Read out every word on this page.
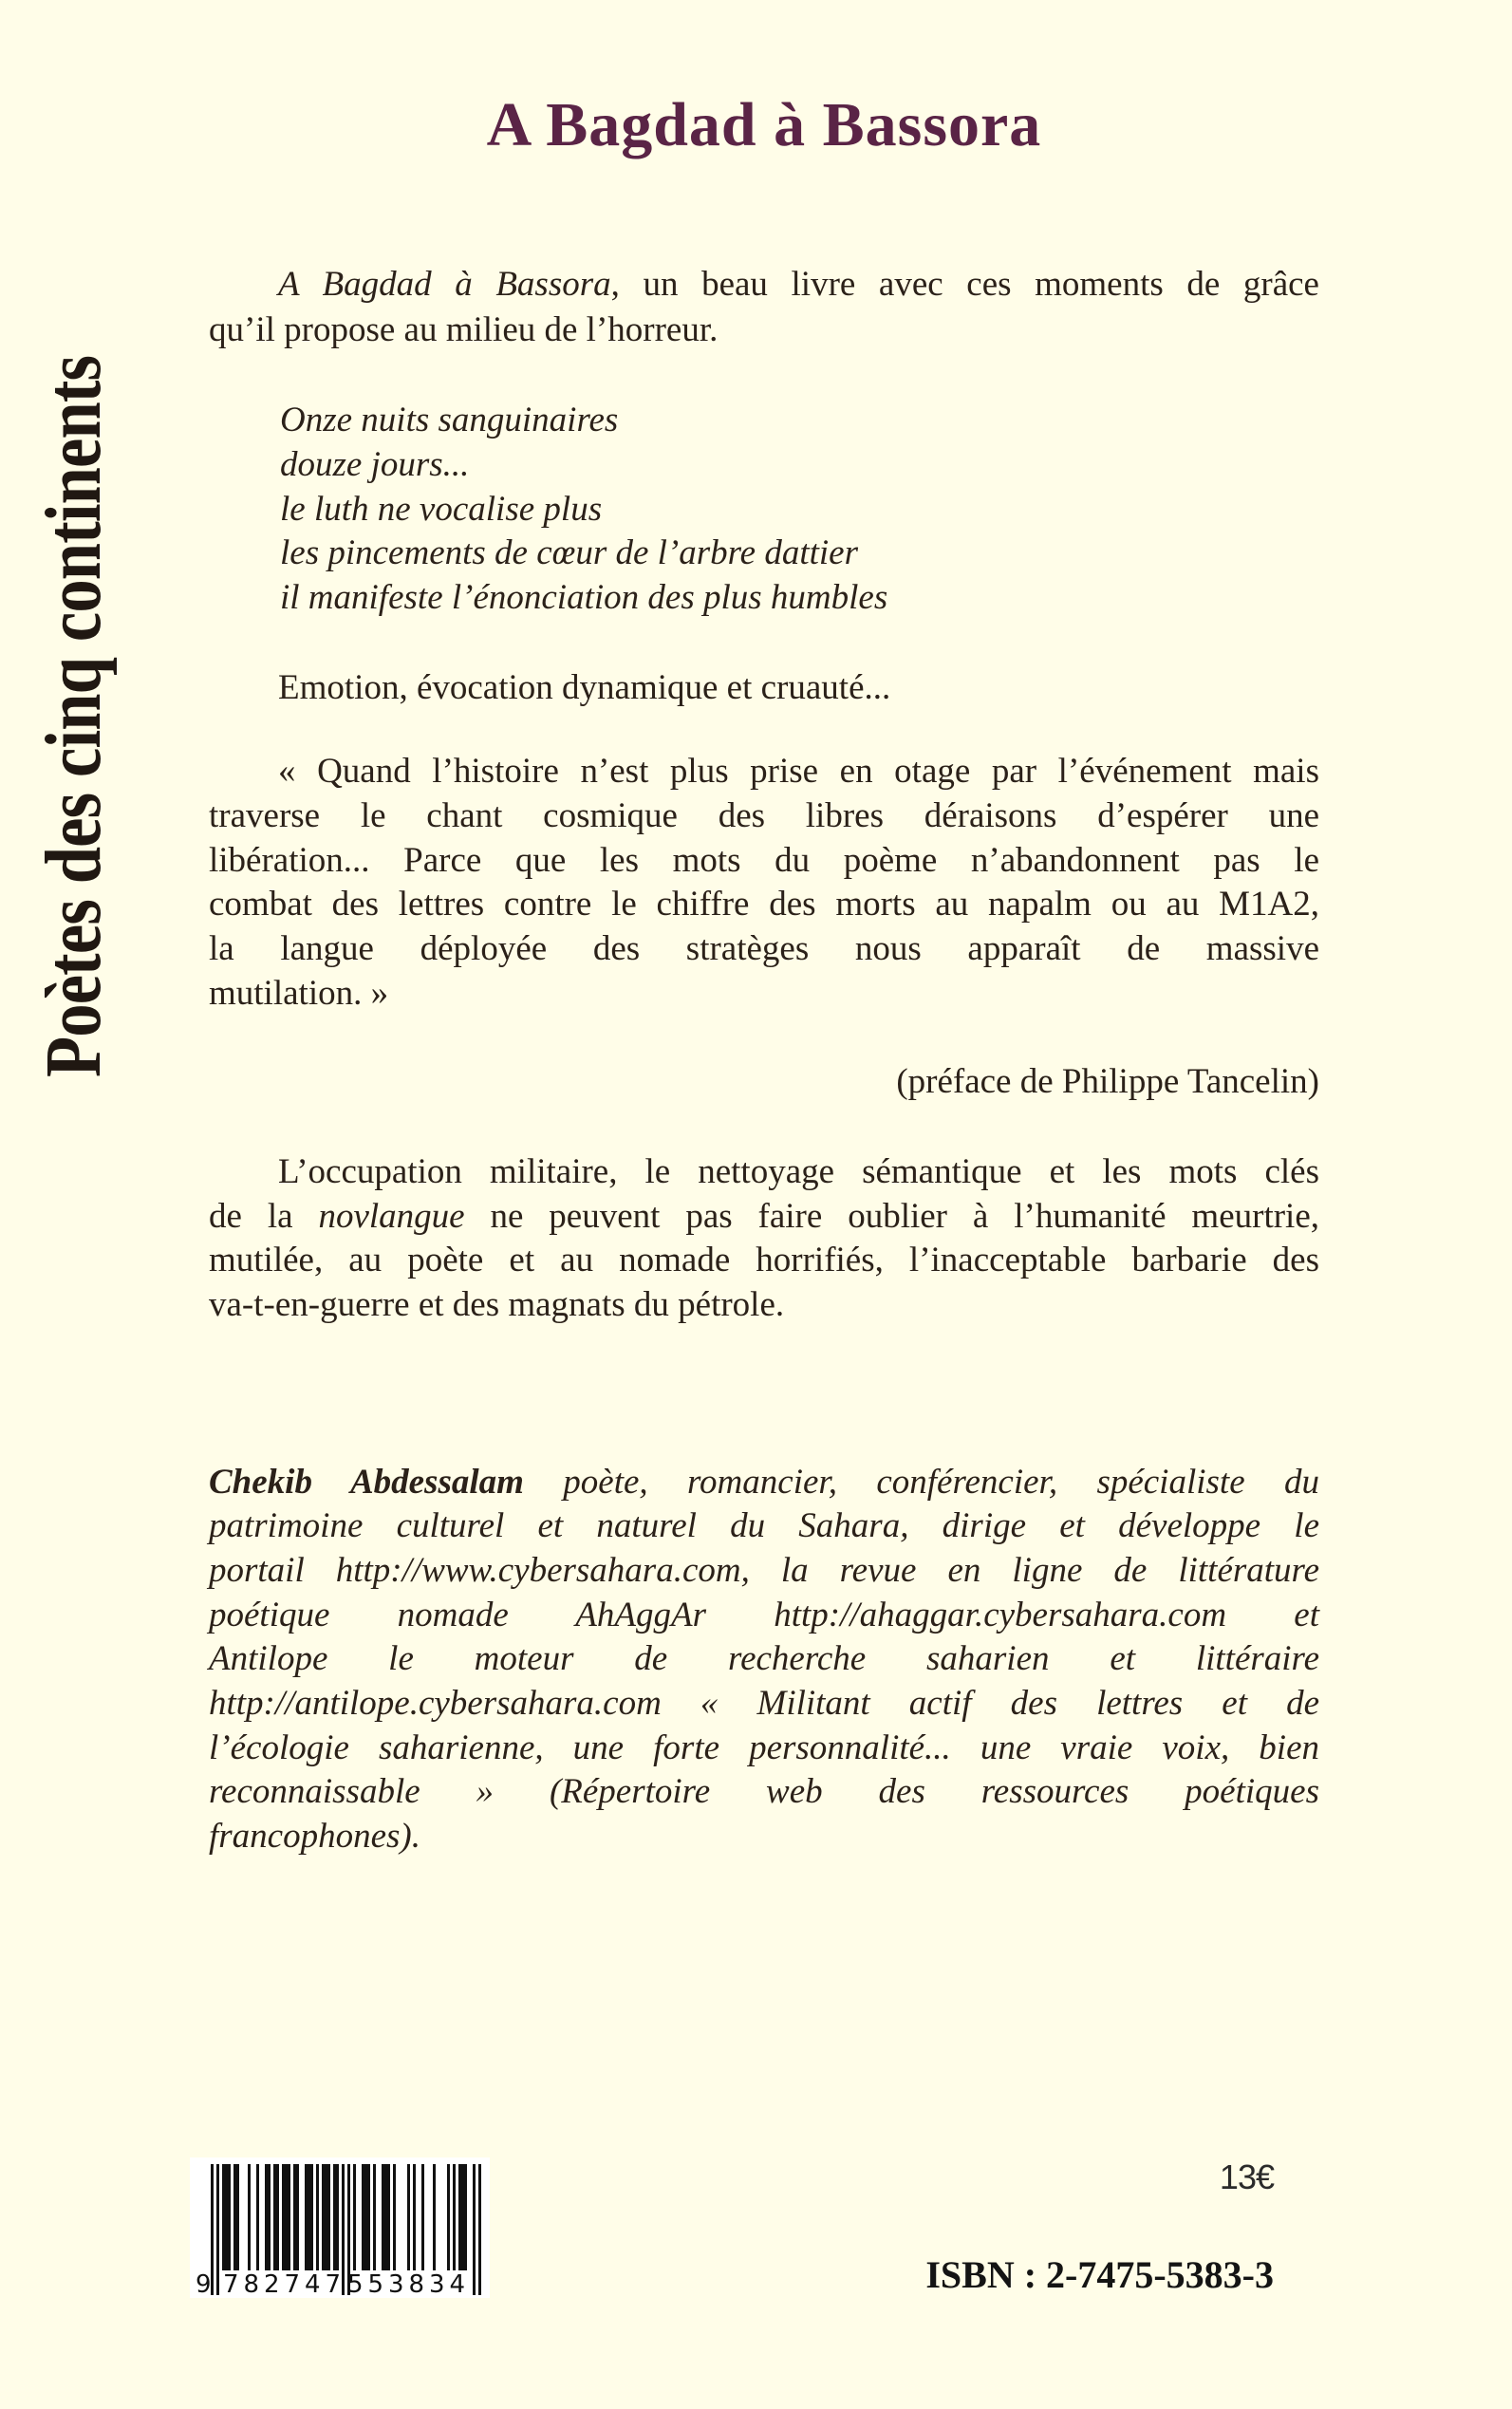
Poètes des cinq continents
A Bagdad à Bassora
A Bagdad à Bassora, un beau livre avec ces moments de grâce
qu’il propose au milieu de l’horreur.
Onze nuits sanguinaires
douze jours...
le luth ne vocalise plus
les pincements de cœur de l’arbre dattier
il manifeste l’énonciation des plus humbles
Emotion, évocation dynamique et cruauté...
« Quand l’histoire n’est plus prise en otage par l’événement mais
traverse le chant cosmique des libres déraisons d’espérer une
libération... Parce que les mots du poème n’abandonnent pas le
combat des lettres contre le chiffre des morts au napalm ou au M1A2,
la langue déployée des stratèges nous apparaît de massive
mutilation. »
(préface de Philippe Tancelin)
L’occupation militaire, le nettoyage sémantique et les mots clés
de la novlangue ne peuvent pas faire oublier à l’humanité meurtrie,
mutilée, au poète et au nomade horrifiés, l’inacceptable barbarie des
va-t-en-guerre et des magnats du pétrole.
Chekib Abdessalam poète, romancier, conférencier, spécialiste du
patrimoine culturel et naturel du Sahara, dirige et développe le
portail http://www.cybersahara.com, la revue en ligne de littérature
poétique nomade AhAggAr http://ahaggar.cybersahara.com et
Antilope le moteur de recherche saharien et littéraire
http://antilope.cybersahara.com « Militant actif des lettres et de
l’écologie saharienne, une forte personnalité... une vraie voix, bien
reconnaissable » (Répertoire web des ressources poétiques
francophones).
9 782747 553834
13€
ISBN : 2-7475-5383-3
